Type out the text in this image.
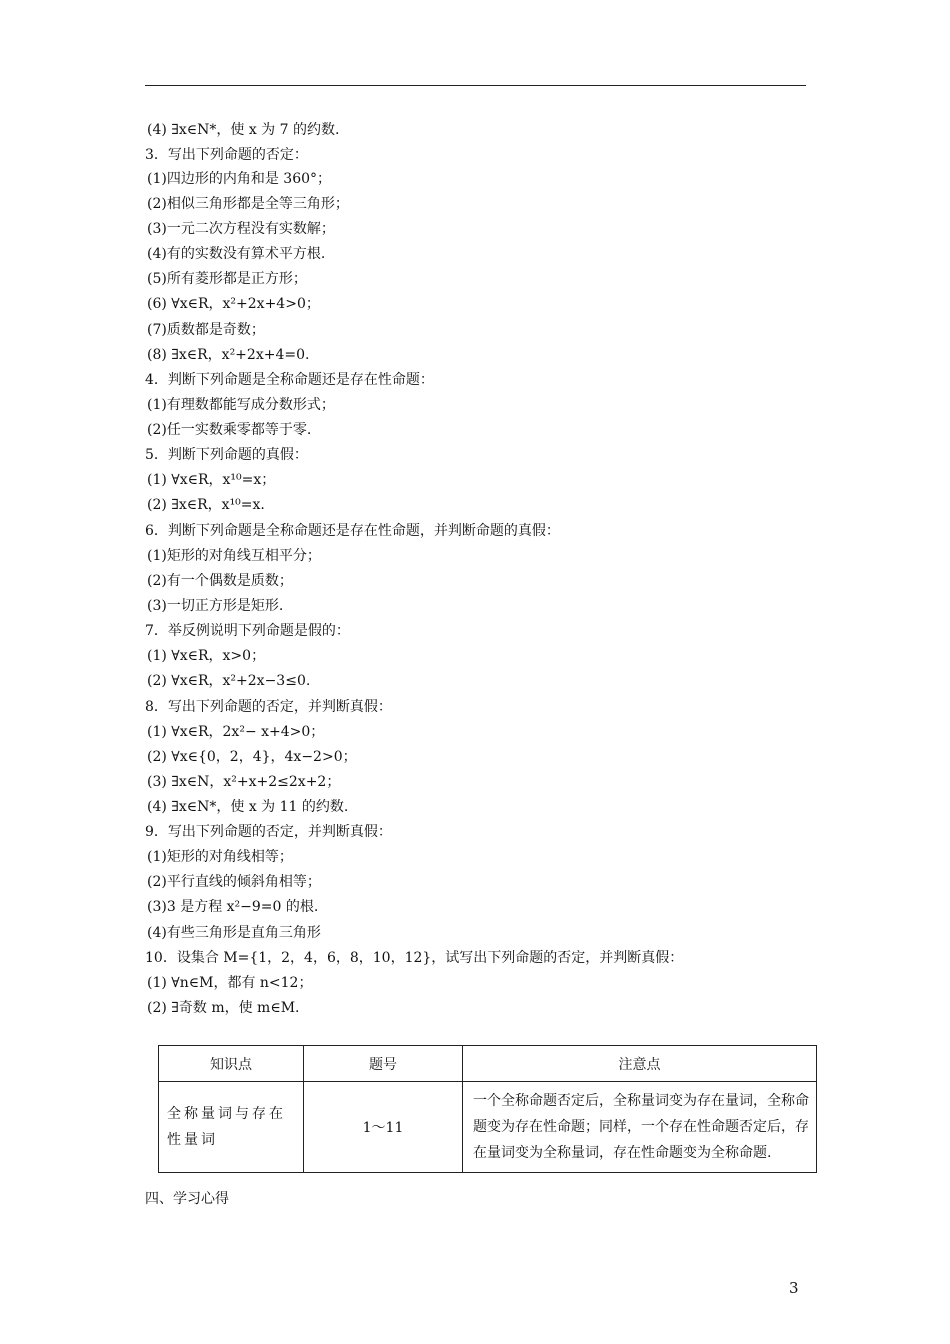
(4) ∃x∈N*，使 x 为 7 的约数.
3．写出下列命题的否定：
(1)四边形的内角和是 360°；
(2)相似三角形都是全等三角形；
(3)一元二次方程没有实数解；
(4)有的实数没有算术平方根.
(5)所有菱形都是正方形；
(6) ∀x∈R，x²+2x+4>0；
(7)质数都是奇数；
(8) ∃x∈R，x²+2x+4=0.
4．判断下列命题是全称命题还是存在性命题：
(1)有理数都能写成分数形式；
(2)任一实数乘零都等于零.
5．判断下列命题的真假：
(1) ∀x∈R，x¹⁰=x；
(2) ∃x∈R，x¹⁰=x.
6．判断下列命题是全称命题还是存在性命题，并判断命题的真假：
(1)矩形的对角线互相平分；
(2)有一个偶数是质数；
(3)一切正方形是矩形.
7．举反例说明下列命题是假的：
(1) ∀x∈R，x>0；
(2) ∀x∈R，x²+2x−3≤0.
8．写出下列命题的否定，并判断真假：
(1) ∀x∈R，2x²− x+4>0；
(2) ∀x∈{0，2，4}，4x−2>0；
(3) ∃x∈N，x²+x+2≤2x+2；
(4) ∃x∈N*，使 x 为 11 的约数.
9．写出下列命题的否定，并判断真假：
(1)矩形的对角线相等；
(2)平行直线的倾斜角相等；
(3)3 是方程 x²−9=0 的根.
(4)有些三角形是直角三角形
10．设集合 M={1，2，4，6，8，10，12}，试写出下列命题的否定，并判断真假：
(1) ∀n∈M，都有 n<12；
(2) ∃奇数 m，使 m∈M.
知识点	题号	注意点
全称量词与存在性量词	1～11	一个全称命题否定后，全称量词变为存在量词，全称命题变为存在性命题；同样，一个存在性命题否定后，存在量词变为全称量词，存在性命题变为全称命题.
四、学习心得
3
